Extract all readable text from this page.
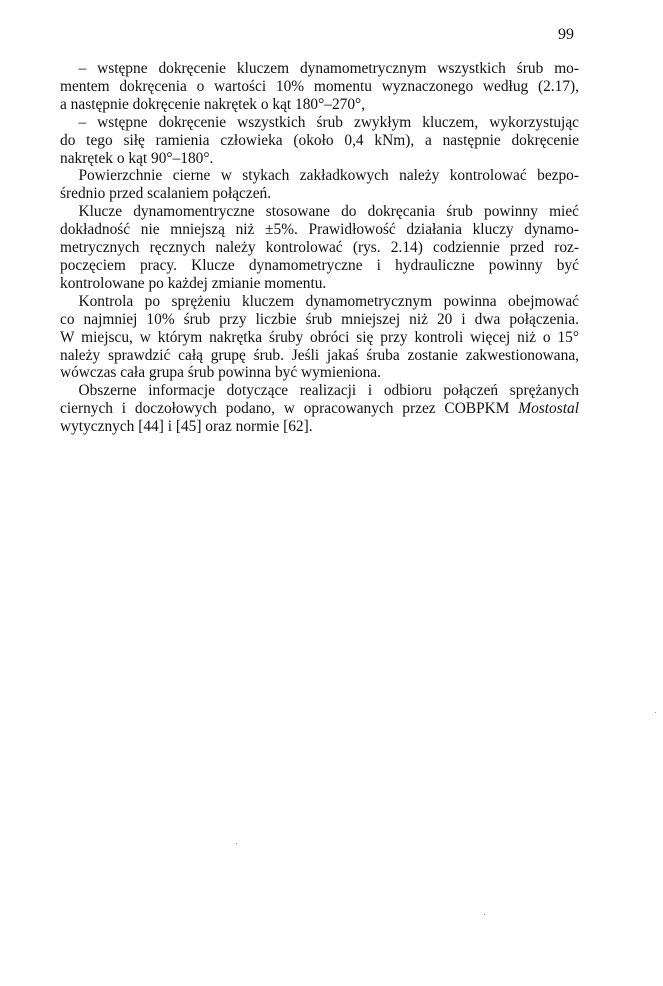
99

– wstępne dokręcenie kluczem dynamometrycznym wszystkich śrub mo-
mentem dokręcenia o wartości 10% momentu wyznaczonego według (2.17),
a następnie dokręcenie nakrętek o kąt 180°–270°,

– wstępne dokręcenie wszystkich śrub zwykłym kluczem, wykorzystując
do tego siłę ramienia człowieka (około 0,4 kNm), a następnie dokręcenie
nakrętek o kąt 90°–180°.

Powierzchnie cierne w stykach zakładkowych należy kontrolować bezpo-
średnio przed scalaniem połączeń.

Klucze dynamomentryczne stosowane do dokręcania śrub powinny mieć
dokładność nie mniejszą niż ±5%. Prawidłowość działania kluczy dynamo-
metrycznych ręcznych należy kontrolować (rys. 2.14) codziennie przed roz-
poczęciem pracy. Klucze dynamometryczne i hydrauliczne powinny być
kontrolowane po każdej zmianie momentu.

Kontrola po sprężeniu kluczem dynamometrycznym powinna obejmować
co najmniej 10% śrub przy liczbie śrub mniejszej niż 20 i dwa połączenia.
W miejscu, w którym nakrętka śruby obróci się przy kontroli więcej niż o 15°
należy sprawdzić całą grupę śrub. Jeśli jakaś śruba zostanie zakwestionowana,
wówczas cała grupa śrub powinna być wymieniona.

Obszerne informacje dotyczące realizacji i odbioru połączeń sprężanych
ciernych i doczołowych podano, w opracowanych przez COBPKM Mostostal
wytycznych [44] i [45] oraz normie [62].
